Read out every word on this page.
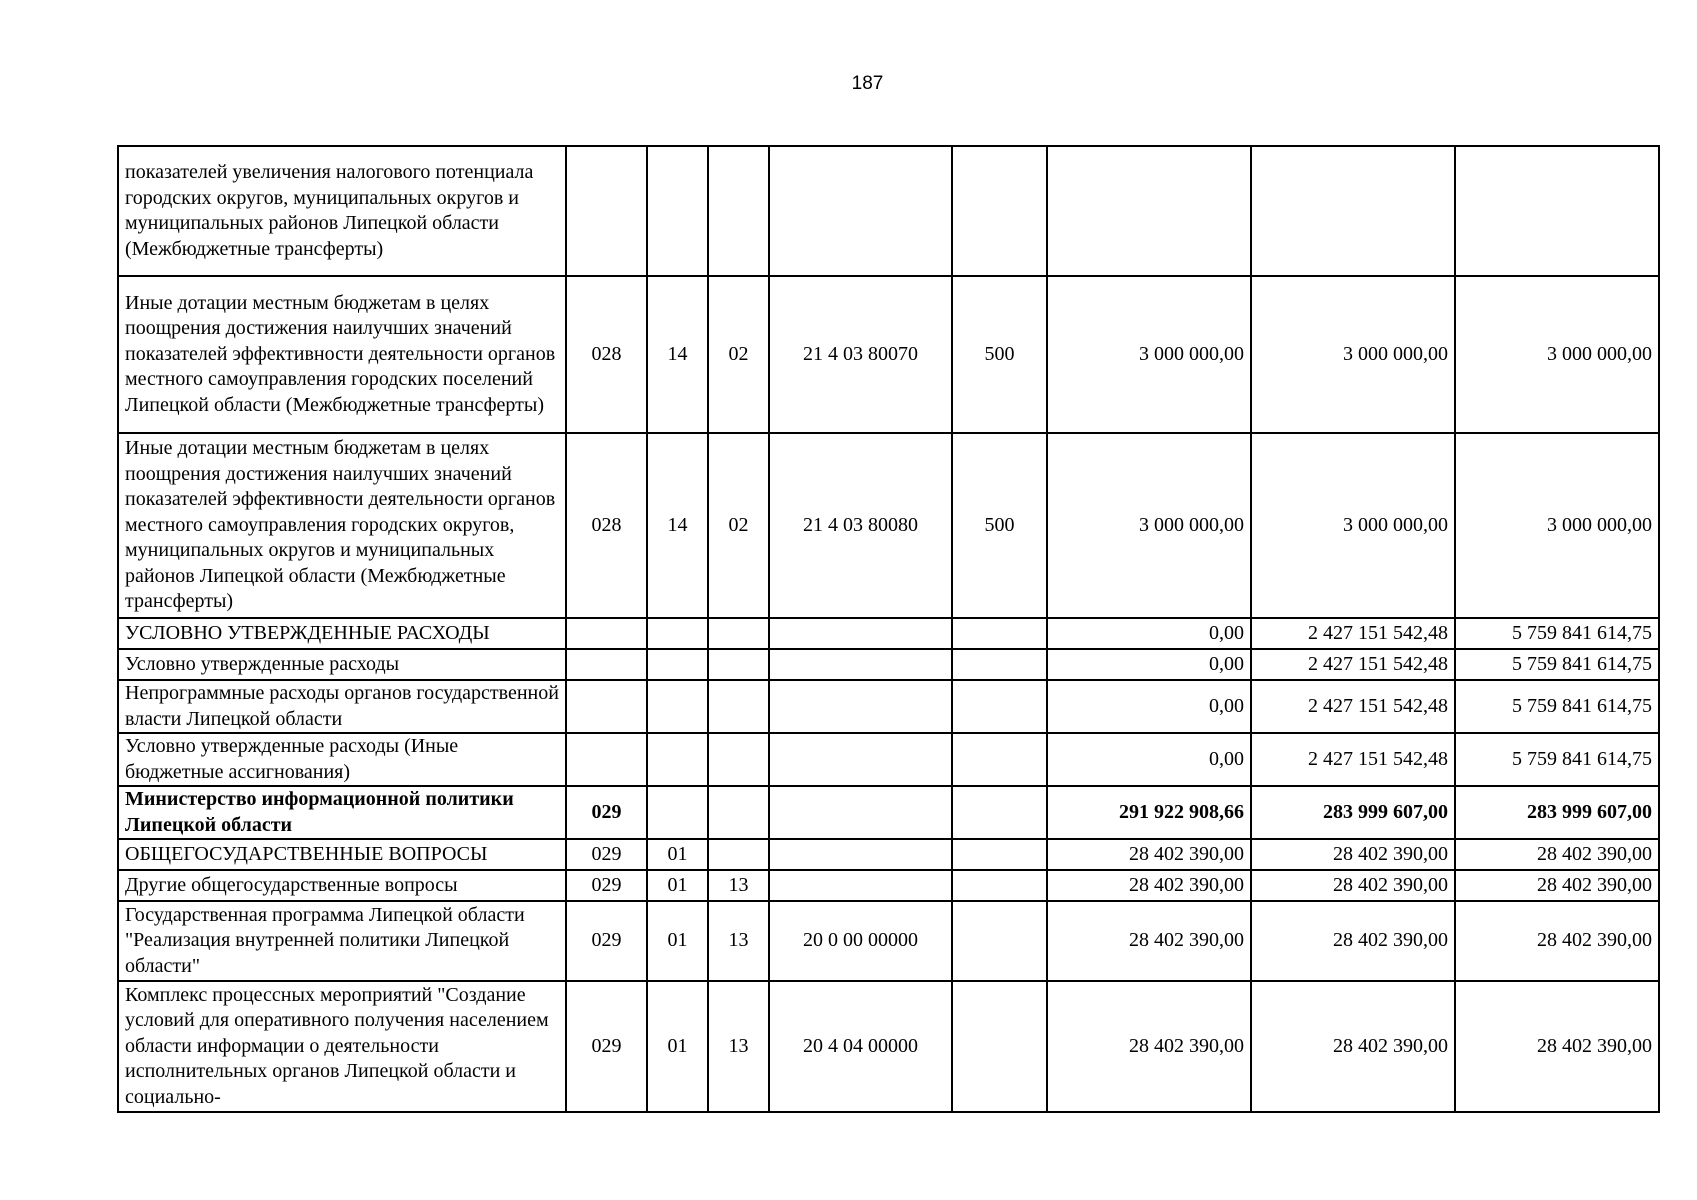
187
показателей увеличения налогового потенциала городских округов, муниципальных округов и муниципальных районов Липецкой области (Межбюджетные трансферты)								
Иные дотации местным бюджетам в целях поощрения достижения наилучших значений показателей эффективности деятельности органов местного самоуправления городских поселений Липецкой области (Межбюджетные трансферты)	028	14	02	21 4 03 80070	500	3 000 000,00	3 000 000,00	3 000 000,00
Иные дотации местным бюджетам в целях поощрения достижения наилучших значений показателей эффективности деятельности органов местного самоуправления городских округов, муниципальных округов и муниципальных районов Липецкой области (Межбюджетные трансферты)	028	14	02	21 4 03 80080	500	3 000 000,00	3 000 000,00	3 000 000,00
УСЛОВНО УТВЕРЖДЕННЫЕ РАСХОДЫ						0,00	2 427 151 542,48	5 759 841 614,75
Условно утвержденные расходы						0,00	2 427 151 542,48	5 759 841 614,75
Непрограммные расходы органов государственной власти Липецкой области						0,00	2 427 151 542,48	5 759 841 614,75
Условно утвержденные расходы (Иные бюджетные ассигнования)						0,00	2 427 151 542,48	5 759 841 614,75
Министерство информационной политики Липецкой области	029					291 922 908,66	283 999 607,00	283 999 607,00
ОБЩЕГОСУДАРСТВЕННЫЕ ВОПРОСЫ	029	01				28 402 390,00	28 402 390,00	28 402 390,00
Другие общегосударственные вопросы	029	01	13			28 402 390,00	28 402 390,00	28 402 390,00
Государственная программа Липецкой области "Реализация внутренней политики Липецкой области"	029	01	13	20 0 00 00000		28 402 390,00	28 402 390,00	28 402 390,00
Комплекс процессных мероприятий "Создание условий для оперативного получения населением области информации о деятельности исполнительных органов Липецкой области и социально-	029	01	13	20 4 04 00000		28 402 390,00	28 402 390,00	28 402 390,00
